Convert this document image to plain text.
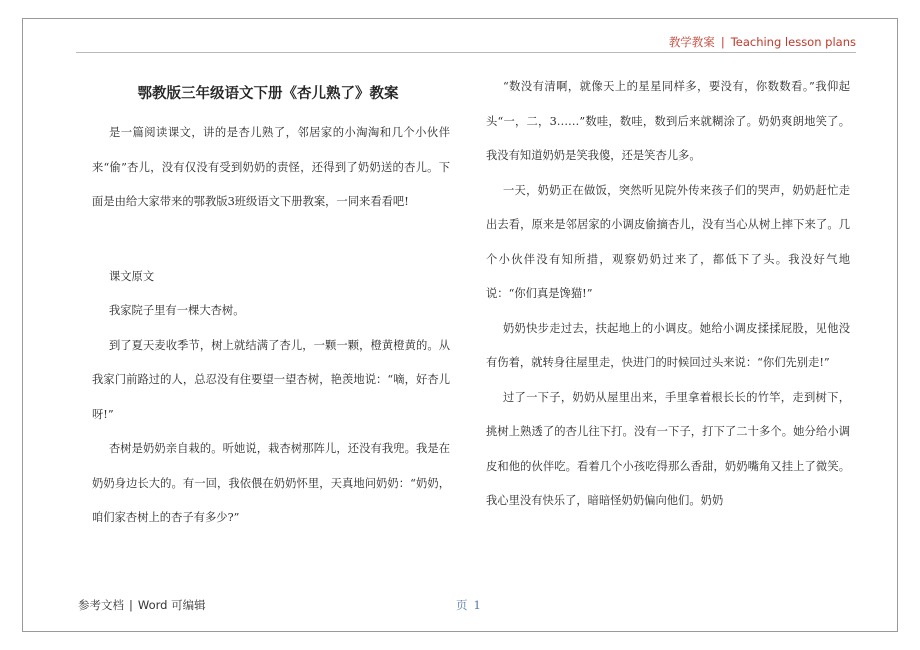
教学教案 | Teaching lesson plans
鄂教版三年级语文下册《杏儿熟了》教案

是一篇阅读课文，讲的是杏儿熟了，邻居家的小淘淘和几个小伙伴来“偷”杏儿，没有仅没有受到奶奶的责怪，还得到了奶奶送的杏儿。下面是由给大家带来的鄂教版3班级语文下册教案，一同来看看吧!

课文原文

我家院子里有一棵大杏树。

到了夏天麦收季节，树上就结满了杏儿，一颗一颗，橙黄橙黄的。从我家门前路过的人，总忍没有住要望一望杏树，艳羡地说：“嘀，好杏儿呀!”

杏树是奶奶亲自栽的。听她说，栽杏树那阵儿，还没有我兜。我是在奶奶身边长大的。有一回，我依偎在奶奶怀里，天真地问奶奶：“奶奶，咱们家杏树上的杏子有多少?”

“数没有清啊，就像天上的星星同样多，要没有，你数数看。”我仰起头“一，二，3……”数哇，数哇，数到后来就糊涂了。奶奶爽朗地笑了。我没有知道奶奶是笑我傻，还是笑杏儿多。

一天，奶奶正在做饭，突然听见院外传来孩子们的哭声，奶奶赶忙走出去看，原来是邻居家的小调皮偷摘杏儿，没有当心从树上摔下来了。几个小伙伴没有知所措，观察奶奶过来了，都低下了头。我没好气地说：“你们真是馋猫!”

奶奶快步走过去，扶起地上的小调皮。她给小调皮揉揉屁股，见他没有伤着，就转身往屋里走，快进门的时候回过头来说：“你们先别走!”

过了一下子，奶奶从屋里出来，手里拿着根长长的竹竿，走到树下，挑树上熟透了的杏儿往下打。没有一下子，打下了二十多个。她分给小调皮和他的伙伴吃。看着几个小孩吃得那么香甜，奶奶嘴角又挂上了微笑。我心里没有快乐了，暗暗怪奶奶偏向他们。奶奶

参考文档 | Word 可编辑	页 1
